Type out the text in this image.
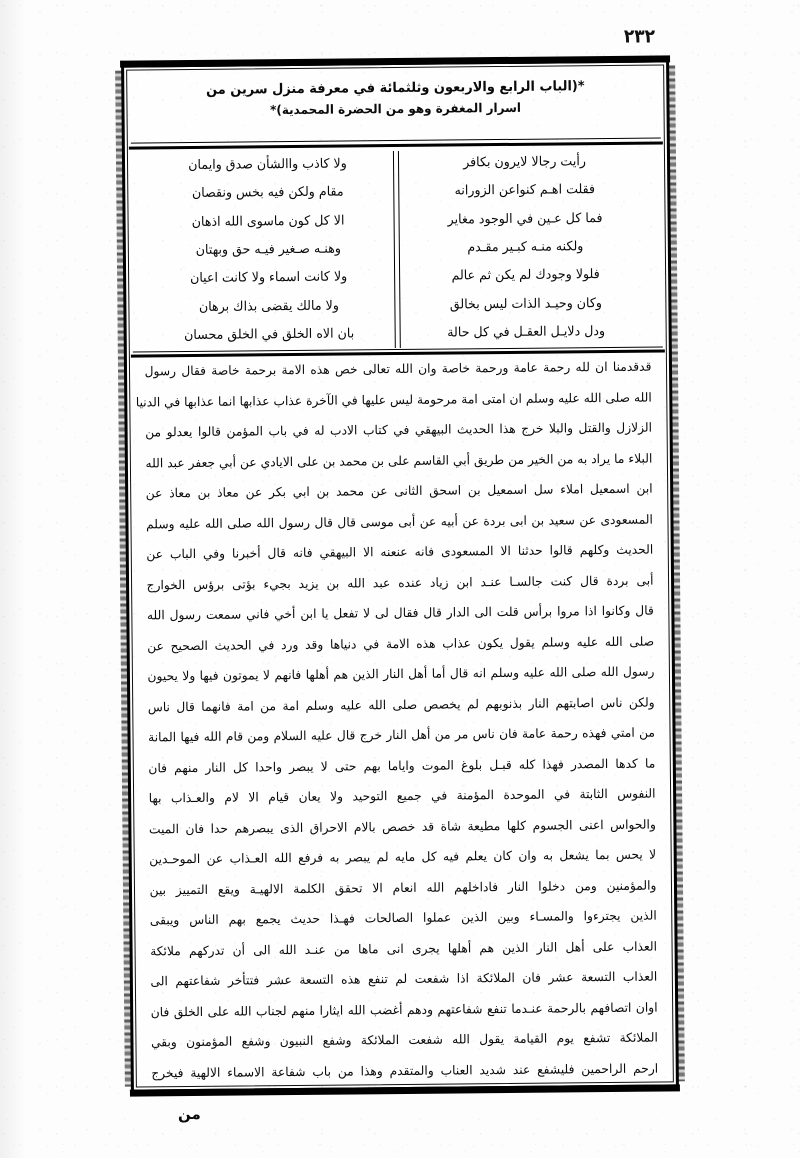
٢٣٢
*(الباب الرابع والاربعون وثلثمائة في معرفة منزل سرين من
اسرار المغفرة وهو من الحضرة المحمدية)*
رأيت رجالا لايرون بكافر
فقلت اهـم كنواعن الزورانه
فما كل عـين في الوجود مغاير
ولكنه منـه كبـير مقـدم
فلولا وجودك لم يكن ثم عالم
وكان وحيـد الذات ليس بخالق
ودل دلايـل العقـل في كل حالة
ولا كاذب واالشأن صدق وايمان
مقام ولكن فيه بخس ونقصان
الا كل كون ماسوى الله اذهان
وهنـه صـغير فيـه حق وبهتان
ولا كانت اسماء ولا كانت اعيان
ولا مالك يقضى بذاك برهان
بان الاه الخلق في الخلق محسان
قدقدمنا ان لله رحمة عامة ورحمة خاصة وان الله تعالى خص هذه الامة برحمة خاصة فقال رسول
الله صلى الله عليه وسلم ان امتى امة مرحومة ليس عليها في الآخرة عذاب عذابها انما عذابها في الدنيا
الزلازل والقتل والبلا خرج هذا الحديث البيهقي في كتاب الادب له في باب المؤمن قالوا يعدلو من
البلاء ما يراد به من الخير من طريق أبي القاسم على بن محمد بن على الايادي عن أبي جعفر عبد الله
ابن اسمعيل املاء سل اسمعيل بن اسحق الثانى عن محمد بن ابي بكر عن معاذ بن معاذ عن
المسعودى عن سعيد بن ابى بردة عن أبيه عن أبى موسى قال قال رسول الله صلى الله عليه وسلم
الحديث وكلهم قالوا حدثنا الا المسعودى فانه عنعنه الا البيهقي فانه قال أخبرنا وفي الباب عن
أبى بردة قال كنت جالسـا عنـد ابن زياد عنده عبد الله بن يزيد بجيء بؤتى برؤس الخوارج
قال وكانوا اذا مروا برأس قلت الى الدار قال فقال لى لا تفعل يا ابن أخي فاني سمعت رسول الله
صلى الله عليه وسلم يقول يكون عذاب هذه الامة في دنياها وقد ورد في الحديث الصحيح عن
رسول الله صلى الله عليه وسلم انه قال أما أهل النار الذين هم أهلها فانهم لا يموتون فيها ولا يحيون
ولكن ناس اصابتهم النار بذنوبهم لم يخصص صلى الله عليه وسلم امة من امة فانهما قال ناس
من امتي فهذه رحمة عامة فان ناس مر من أهل النار خرج قال عليه السلام ومن قام الله فيها المانة
ما كدها المصدر فهذا كله قبـل بلوغ الموت واياما بهم حتى لا يبصر واحدا كل النار منهم فان
النفوس الثابتة في الموحدة المؤمنة في جميع التوحيد ولا يعان قيام الا لام والعـذاب بها
والحواس اعنى الجسوم كلها مطيعة شاة قد خصص بالام الاحراق الذى يبصرهم حدا فان الميت
لا يحس بما يشعل به وان كان يعلم فيه كل مايه لم يبصر به فرفع الله العـذاب عن الموحـدين
والمؤمنين ومن دخلوا النار فاداخلهم الله انعام الا تحقق الكلمة الالهيـة ويقع التمييز بين
الذين يجترءوا والمسـاء وبين الذين عملوا الصالحات فهـذا حديث يجمع بهم الناس ويبقى
العذاب على أهل النار الذين هم أهلها يجرى انى ماها من عنـد الله الى أن تدركهم ملائكة
العذاب التسعة عشر فان الملائكة اذا شفعت لم تنفع هذه التسعة عشر فتتأخر شفاعتهم الى
اوان اتصافهم بالرحمة عنـدما تنفع شفاعتهم ودهم أغضب الله ايثارا منهم لجناب الله على الخلق فان
الملائكة تشفع يوم القيامة يقول الله شفعت الملائكة وشفع النبيون وشفع المؤمنون وبقي
ارحم الراحمين فليشفع عند شديد العناب والمتقدم وهذا من باب شفاعة الاسماء الالهية فيخرج
من
